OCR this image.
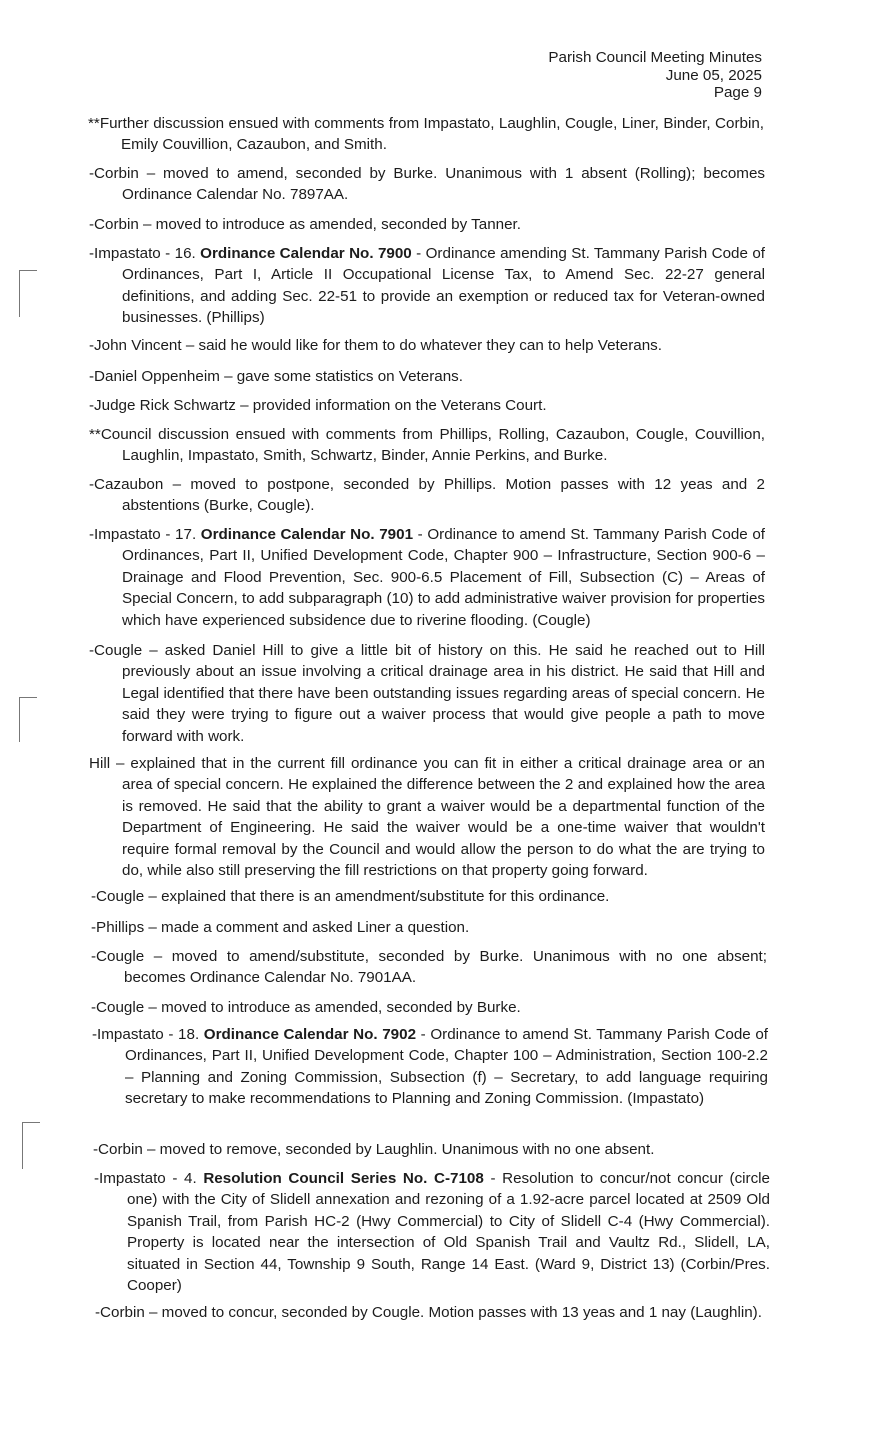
Parish Council Meeting Minutes
June 05, 2025
Page 9
**Further discussion ensued with comments from Impastato, Laughlin, Cougle, Liner, Binder, Corbin, Emily Couvillion, Cazaubon, and Smith.
-Corbin – moved to amend, seconded by Burke. Unanimous with 1 absent (Rolling); becomes Ordinance Calendar No. 7897AA.
-Corbin – moved to introduce as amended, seconded by Tanner.
-Impastato - 16. Ordinance Calendar No. 7900 - Ordinance amending St. Tammany Parish Code of Ordinances, Part I, Article II Occupational License Tax, to Amend Sec. 22-27 general definitions, and adding Sec. 22-51 to provide an exemption or reduced tax for Veteran-owned businesses. (Phillips)
-John Vincent – said he would like for them to do whatever they can to help Veterans.
-Daniel Oppenheim – gave some statistics on Veterans.
-Judge Rick Schwartz – provided information on the Veterans Court.
**Council discussion ensued with comments from Phillips, Rolling, Cazaubon, Cougle, Couvillion, Laughlin, Impastato, Smith, Schwartz, Binder, Annie Perkins, and Burke.
-Cazaubon – moved to postpone, seconded by Phillips. Motion passes with 12 yeas and 2 abstentions (Burke, Cougle).
-Impastato - 17. Ordinance Calendar No. 7901 - Ordinance to amend St. Tammany Parish Code of Ordinances, Part II, Unified Development Code, Chapter 900 – Infrastructure, Section 900-6 – Drainage and Flood Prevention, Sec. 900-6.5 Placement of Fill, Subsection (C) – Areas of Special Concern, to add subparagraph (10) to add administrative waiver provision for properties which have experienced subsidence due to riverine flooding. (Cougle)
-Cougle – asked Daniel Hill to give a little bit of history on this. He said he reached out to Hill previously about an issue involving a critical drainage area in his district. He said that Hill and Legal identified that there have been outstanding issues regarding areas of special concern. He said they were trying to figure out a waiver process that would give people a path to move forward with work.
Hill – explained that in the current fill ordinance you can fit in either a critical drainage area or an area of special concern. He explained the difference between the 2 and explained how the area is removed. He said that the ability to grant a waiver would be a departmental function of the Department of Engineering. He said the waiver would be a one-time waiver that wouldn't require formal removal by the Council and would allow the person to do what the are trying to do, while also still preserving the fill restrictions on that property going forward.
-Cougle – explained that there is an amendment/substitute for this ordinance.
-Phillips – made a comment and asked Liner a question.
-Cougle – moved to amend/substitute, seconded by Burke. Unanimous with no one absent; becomes Ordinance Calendar No. 7901AA.
-Cougle – moved to introduce as amended, seconded by Burke.
-Impastato - 18. Ordinance Calendar No. 7902 - Ordinance to amend St. Tammany Parish Code of Ordinances, Part II, Unified Development Code, Chapter 100 – Administration, Section 100-2.2 – Planning and Zoning Commission, Subsection (f) – Secretary, to add language requiring secretary to make recommendations to Planning and Zoning Commission. (Impastato)
-Corbin – moved to remove, seconded by Laughlin. Unanimous with no one absent.
-Impastato - 4. Resolution Council Series No. C-7108 - Resolution to concur/not concur (circle one) with the City of Slidell annexation and rezoning of a 1.92-acre parcel located at 2509 Old Spanish Trail, from Parish HC-2 (Hwy Commercial) to City of Slidell C-4 (Hwy Commercial). Property is located near the intersection of Old Spanish Trail and Vaultz Rd., Slidell, LA, situated in Section 44, Township 9 South, Range 14 East. (Ward 9, District 13) (Corbin/Pres. Cooper)
-Corbin – moved to concur, seconded by Cougle. Motion passes with 13 yeas and 1 nay (Laughlin).
